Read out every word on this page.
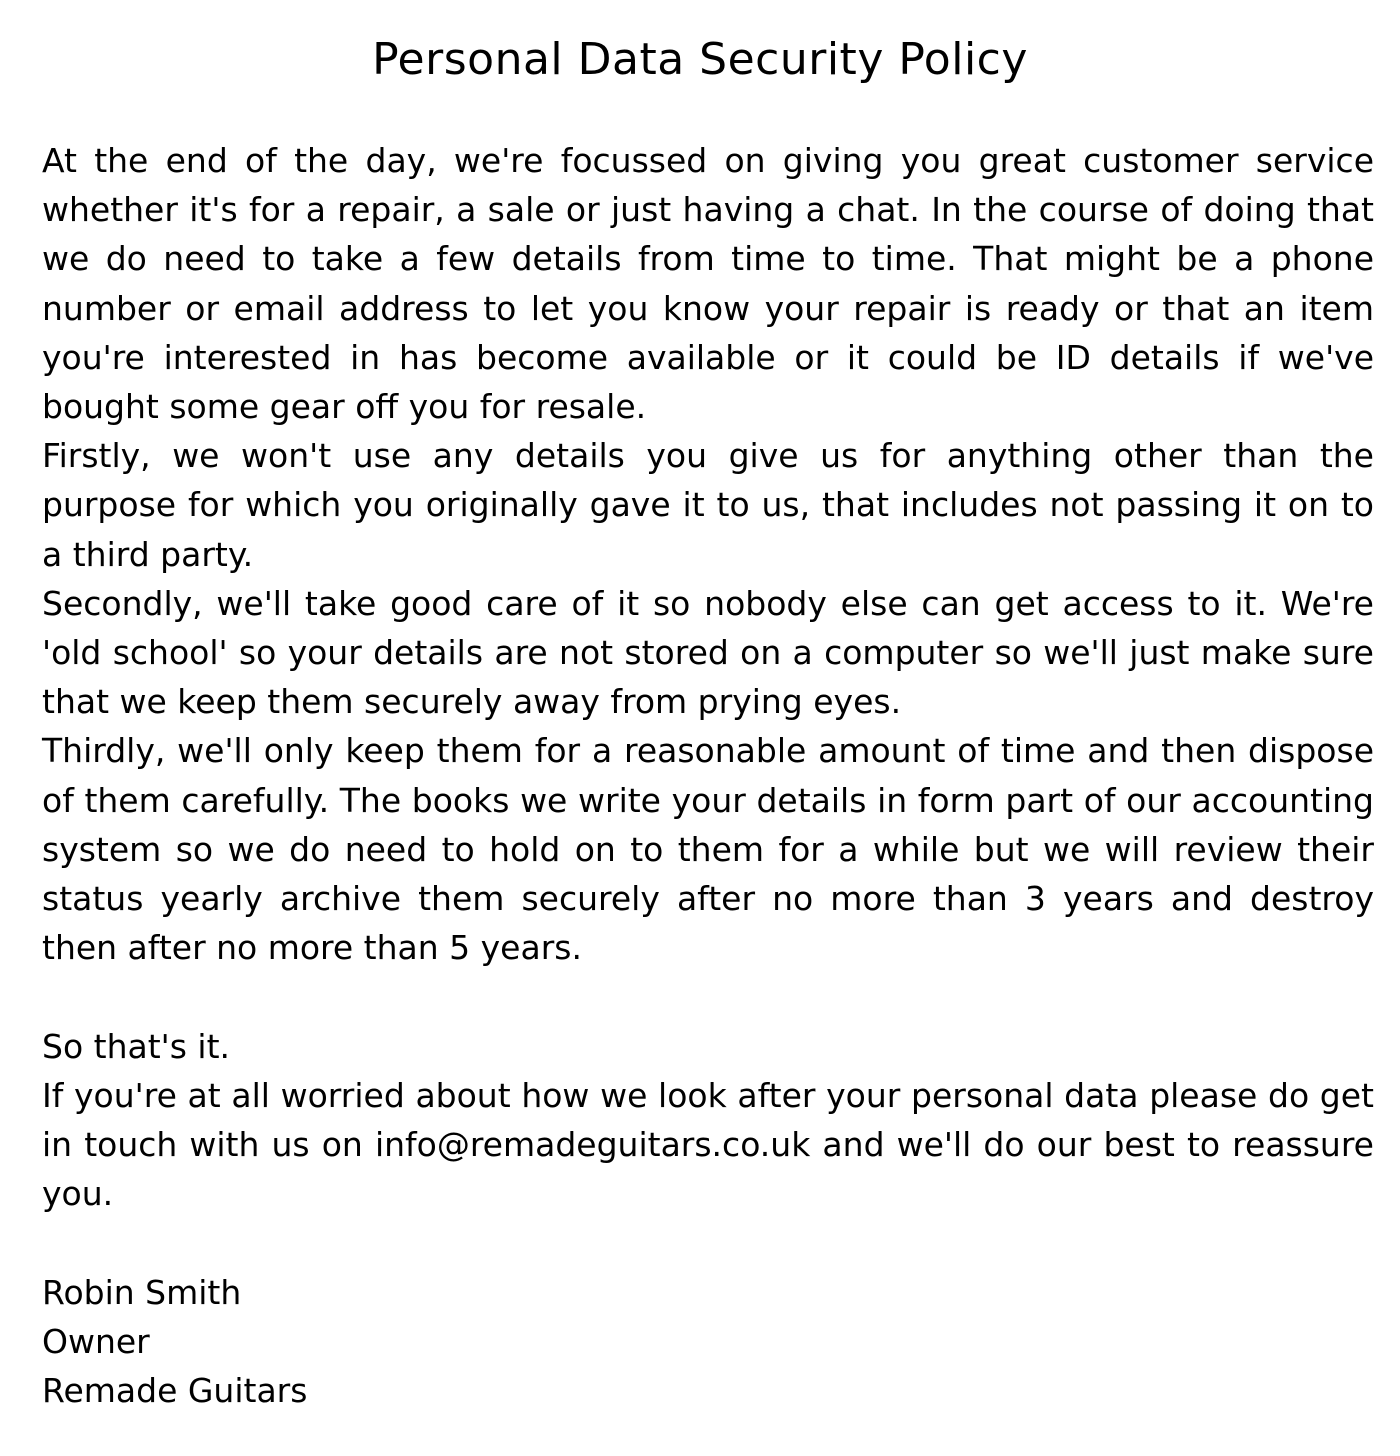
Personal Data Security Policy

At the end of the day, we're focussed on giving you great customer service whether it's for a repair, a sale or just having a chat. In the course of doing that we do need to take a few details from time to time. That might be a phone number or email address to let you know your repair is ready or that an item you're interested in has become available or it could be ID details if we've bought some gear off you for resale.

Firstly, we won't use any details you give us for anything other than the purpose for which you originally gave it to us, that includes not passing it on to a third party.

Secondly, we'll take good care of it so nobody else can get access to it. We're 'old school' so your details are not stored on a computer so we'll just make sure that we keep them securely away from prying eyes.

Thirdly, we'll only keep them for a reasonable amount of time and then dispose of them carefully. The books we write your details in form part of our accounting system so we do need to hold on to them for a while but we will review their status yearly archive them securely after no more than 3 years and destroy then after no more than 5 years.

So that's it.

If you're at all worried about how we look after your personal data please do get in touch with us on info@remadeguitars.co.uk and we'll do our best to reassure you.

Robin Smith

Owner

Remade Guitars
